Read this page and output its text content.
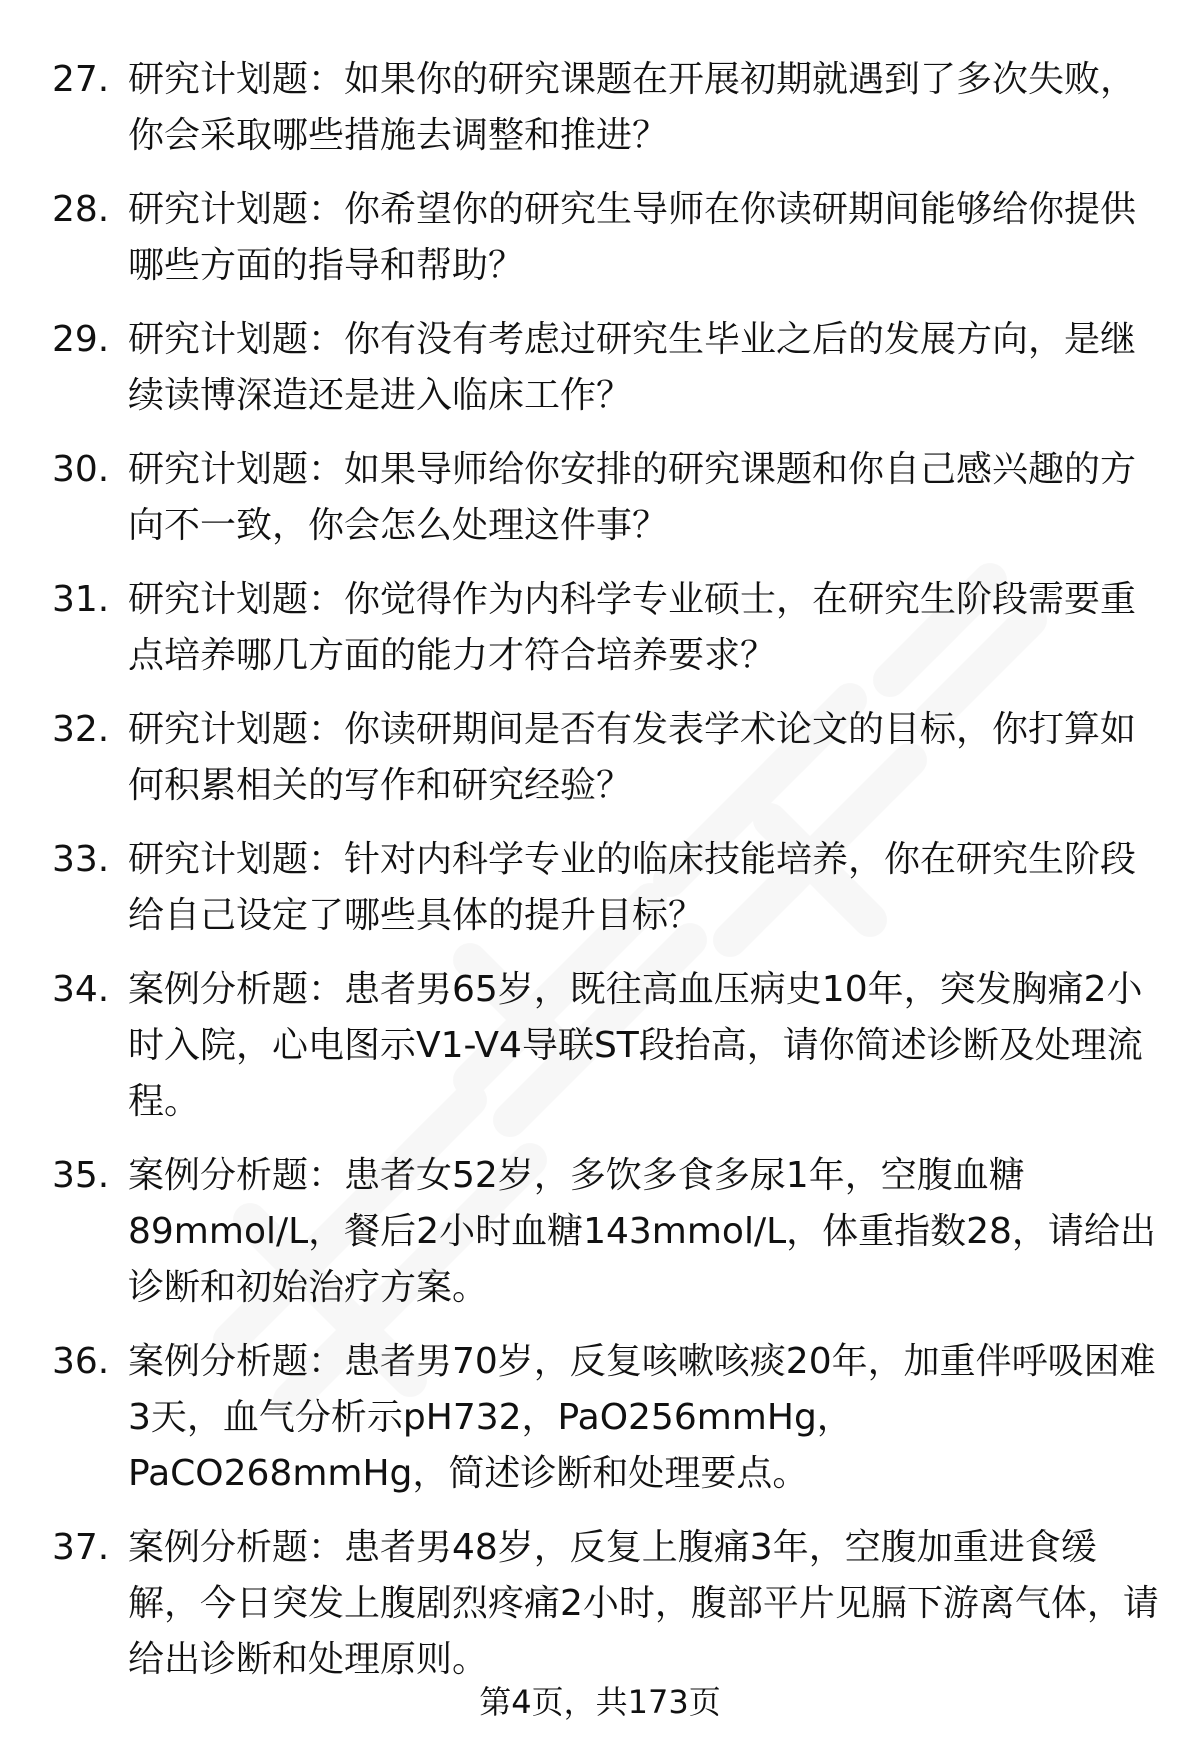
27. 研究计划题：如果你的研究课题在开展初期就遇到了多次失败，你会采取哪些措施去调整和推进？
28. 研究计划题：你希望你的研究生导师在你读研期间能够给你提供哪些方面的指导和帮助？
29. 研究计划题：你有没有考虑过研究生毕业之后的发展方向，是继续读博深造还是进入临床工作？
30. 研究计划题：如果导师给你安排的研究课题和你自己感兴趣的方向不一致，你会怎么处理这件事？
31. 研究计划题：你觉得作为内科学专业硕士，在研究生阶段需要重点培养哪几方面的能力才符合培养要求？
32. 研究计划题：你读研期间是否有发表学术论文的目标，你打算如何积累相关的写作和研究经验？
33. 研究计划题：针对内科学专业的临床技能培养，你在研究生阶段给自己设定了哪些具体的提升目标？
34. 案例分析题：患者男65岁，既往高血压病史10年，突发胸痛2小时入院，心电图示V1-V4导联ST段抬高，请你简述诊断及处理流程。
35. 案例分析题：患者女52岁，多饮多食多尿1年，空腹血糖89mmol/L，餐后2小时血糖143mmol/L，体重指数28，请给出诊断和初始治疗方案。
36. 案例分析题：患者男70岁，反复咳嗽咳痰20年，加重伴呼吸困难3天，血气分析示pH732，PaO256mmHg，PaCO268mmHg，简述诊断和处理要点。
37. 案例分析题：患者男48岁，反复上腹痛3年，空腹加重进食缓解，今日突发上腹剧烈疼痛2小时，腹部平片见膈下游离气体，请给出诊断和处理原则。
第4页，共173页
